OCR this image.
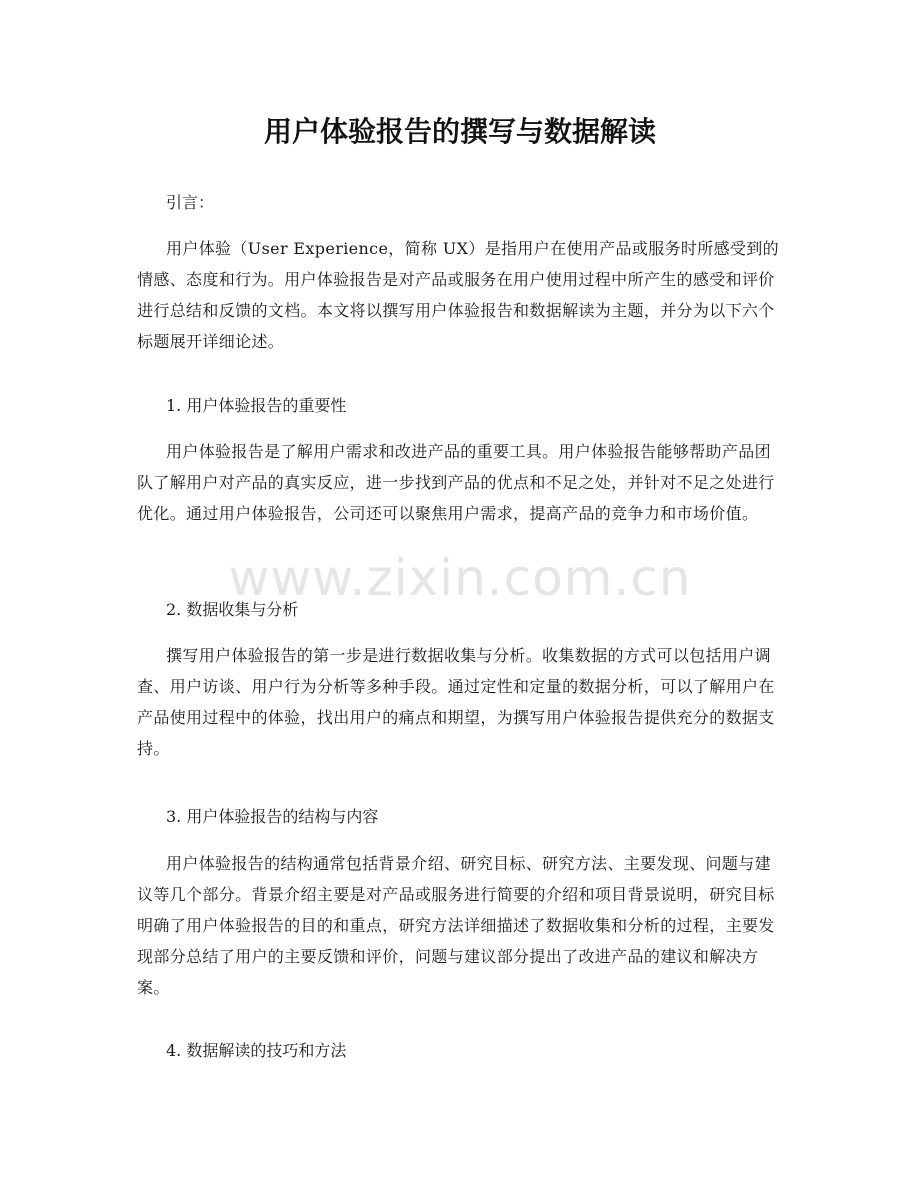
用户体验报告的撰写与数据解读

引言：

用户体验（User Experience，简称 UX）是指用户在使用产品或服务时所感受到的情感、态度和行为。用户体验报告是对产品或服务在用户使用过程中所产生的感受和评价进行总结和反馈的文档。本文将以撰写用户体验报告和数据解读为主题，并分为以下六个标题展开详细论述。

1. 用户体验报告的重要性

用户体验报告是了解用户需求和改进产品的重要工具。用户体验报告能够帮助产品团队了解用户对产品的真实反应，进一步找到产品的优点和不足之处，并针对不足之处进行优化。通过用户体验报告，公司还可以聚焦用户需求，提高产品的竞争力和市场价值。

2. 数据收集与分析

撰写用户体验报告的第一步是进行数据收集与分析。收集数据的方式可以包括用户调查、用户访谈、用户行为分析等多种手段。通过定性和定量的数据分析，可以了解用户在产品使用过程中的体验，找出用户的痛点和期望，为撰写用户体验报告提供充分的数据支持。

3. 用户体验报告的结构与内容

用户体验报告的结构通常包括背景介绍、研究目标、研究方法、主要发现、问题与建议等几个部分。背景介绍主要是对产品或服务进行简要的介绍和项目背景说明，研究目标明确了用户体验报告的目的和重点，研究方法详细描述了数据收集和分析的过程，主要发现部分总结了用户的主要反馈和评价，问题与建议部分提出了改进产品的建议和解决方案。

4. 数据解读的技巧和方法

www.zixin.com.cn
